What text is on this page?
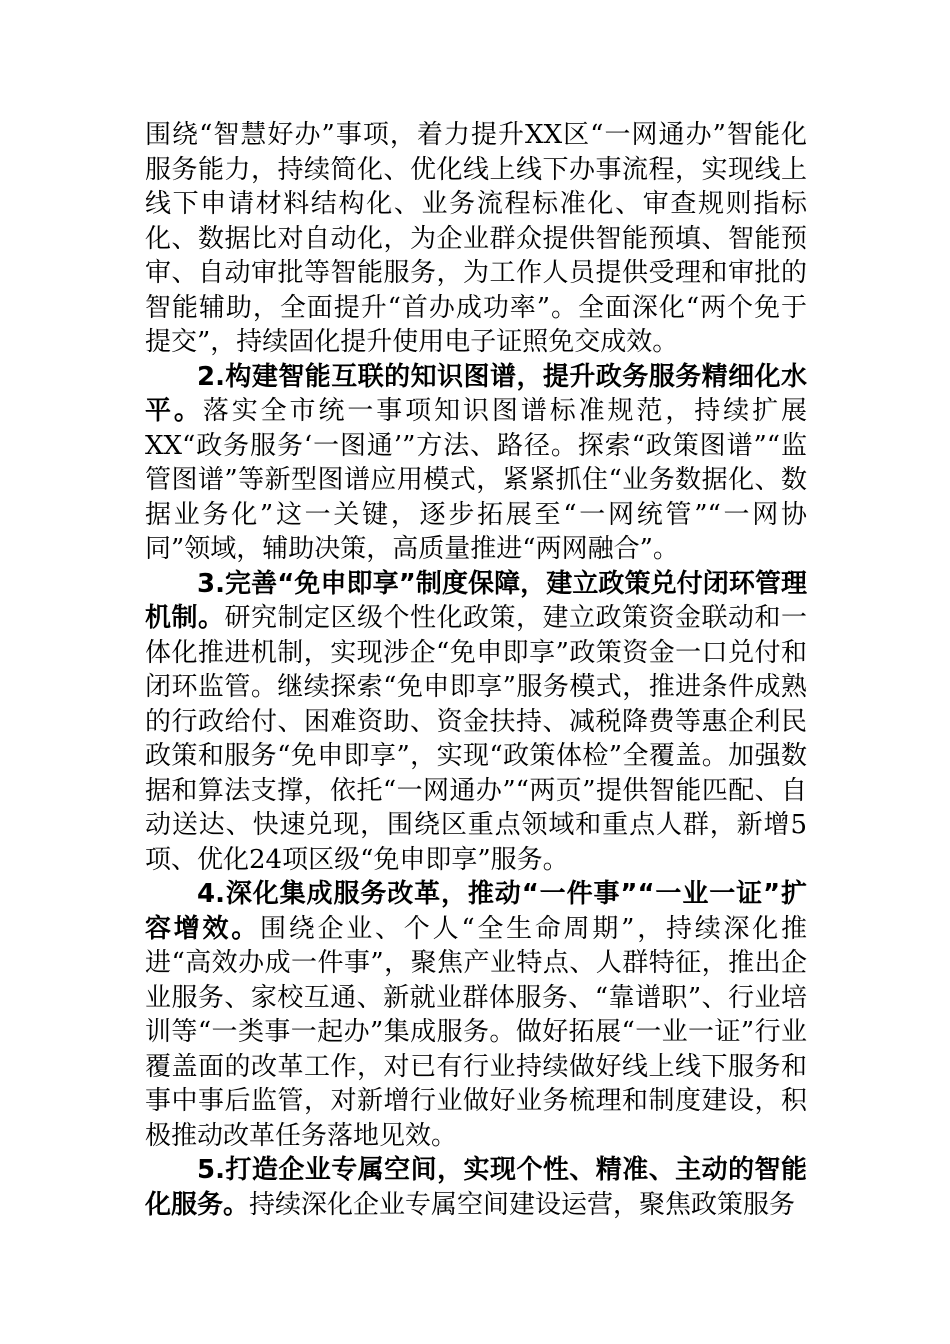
围绕“智慧好办”事项，着力提升XX区“一网通办”智能化服务能力，持续简化、优化线上线下办事流程，实现线上线下申请材料结构化、业务流程标准化、审查规则指标化、数据比对自动化，为企业群众提供智能预填、智能预审、自动审批等智能服务，为工作人员提供受理和审批的智能辅助，全面提升“首办成功率”。全面深化“两个免于提交”，持续固化提升使用电子证照免交成效。

2.构建智能互联的知识图谱，提升政务服务精细化水平。落实全市统一事项知识图谱标准规范，持续扩展XX“政务服务‘一图通’”方法、路径。探索“政策图谱”“监管图谱”等新型图谱应用模式，紧紧抓住“业务数据化、数据业务化”这一关键，逐步拓展至“一网统管”“一网协同”领域，辅助决策，高质量推进“两网融合”。

3.完善“免申即享”制度保障，建立政策兑付闭环管理机制。研究制定区级个性化政策，建立政策资金联动和一体化推进机制，实现涉企“免申即享”政策资金一口兑付和闭环监管。继续探索“免申即享”服务模式，推进条件成熟的行政给付、困难资助、资金扶持、减税降费等惠企利民政策和服务“免申即享”，实现“政策体检”全覆盖。加强数据和算法支撑，依托“一网通办”“两页”提供智能匹配、自动送达、快速兑现，围绕区重点领域和重点人群，新增5项、优化24项区级“免申即享”服务。

4.深化集成服务改革，推动“一件事”“一业一证”扩容增效。围绕企业、个人“全生命周期”，持续深化推进“高效办成一件事”，聚焦产业特点、人群特征，推出企业服务、家校互通、新就业群体服务、“靠谱职”、行业培训等“一类事一起办”集成服务。做好拓展“一业一证”行业覆盖面的改革工作，对已有行业持续做好线上线下服务和事中事后监管，对新增行业做好业务梳理和制度建设，积极推动改革任务落地见效。

5.打造企业专属空间，实现个性、精准、主动的智能化服务。持续深化企业专属空间建设运营，聚焦政策服务
